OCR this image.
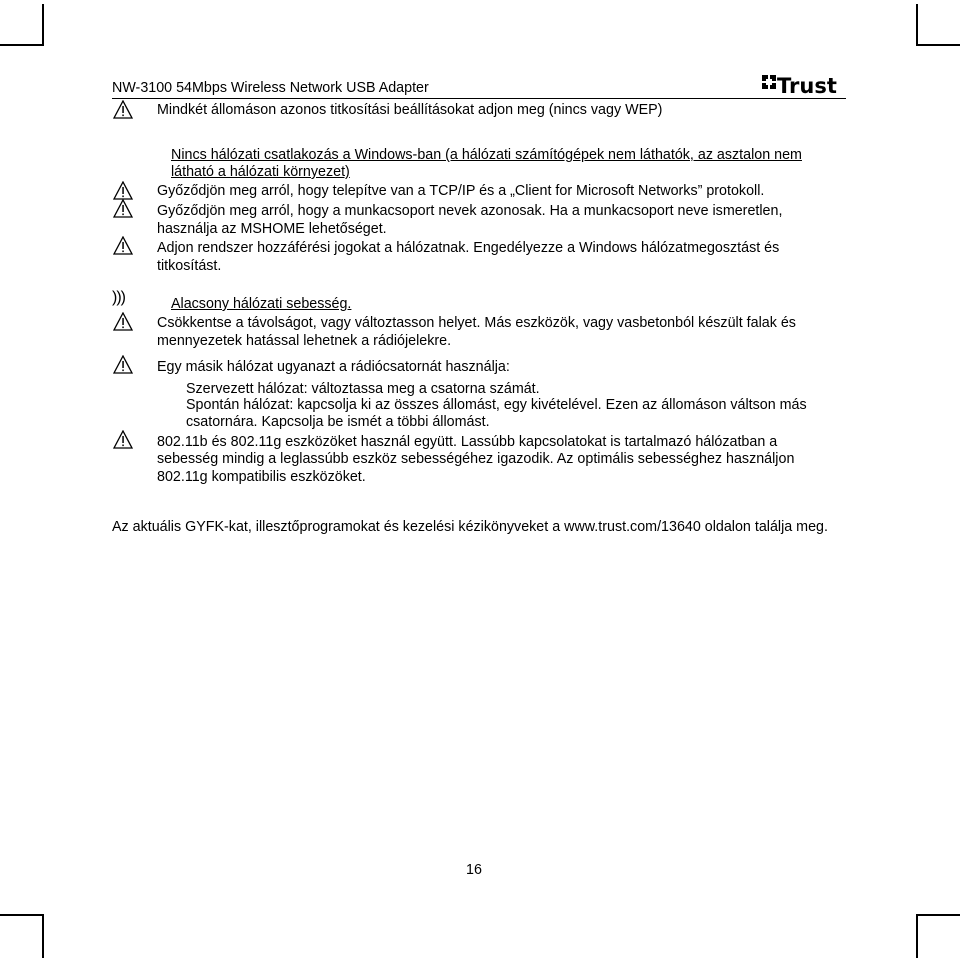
NW-3100 54Mbps Wireless Network USB Adapter	Trust
Mindkét állomáson azonos titkosítási beállításokat adjon meg (nincs vagy WEP)
Nincs hálózati csatlakozás a Windows-ban (a hálózati számítógépek nem láthatók, az asztalon nem
látható a hálózati környezet)
Győződjön meg arról, hogy telepítve van a TCP/IP és a „Client for Microsoft Networks” protokoll.
Győződjön meg arról, hogy a munkacsoport nevek azonosak. Ha a munkacsoport neve ismeretlen,
használja az MSHOME lehetőséget.
Adjon rendszer hozzáférési jogokat a hálózatnak. Engedélyezze a Windows hálózatmegosztást és
titkosítást.
)))	Alacsony hálózati sebesség.
Csökkentse a távolságot, vagy változtasson helyet. Más eszközök, vagy vasbetonból készült falak és
mennyezetek hatással lehetnek a rádiójelekre.
Egy másik hálózat ugyanazt a rádiócsatornát használja:
Szervezett hálózat: változtassa meg a csatorna számát.
Spontán hálózat: kapcsolja ki az összes állomást, egy kivételével. Ezen az állomáson váltson más
csatornára. Kapcsolja be ismét a többi állomást.
802.11b és 802.11g eszközöket használ együtt. Lassúbb kapcsolatokat is tartalmazó hálózatban a
sebesség mindig a leglassúbb eszköz sebességéhez igazodik. Az optimális sebességhez használjon
802.11g kompatibilis eszközöket.
Az aktuális GYFK-kat, illesztőprogramokat és kezelési kézikönyveket a www.trust.com/13640 oldalon találja meg.
16
